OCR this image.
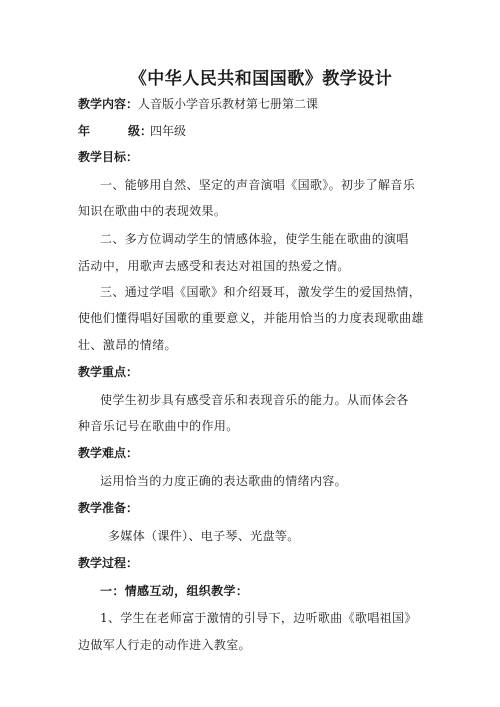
《中华人民共和国国歌》教学设计
教学内容：人音版小学音乐教材第七册第二课
年	级：四年级
教学目标：
一、能够用自然、坚定的声音演唱《国歌》。初步了解音乐
知识在歌曲中的表现效果。
二、多方位调动学生的情感体验，使学生能在歌曲的演唱
活动中，用歌声去感受和表达对祖国的热爱之情。
三、通过学唱《国歌》和介绍聂耳，激发学生的爱国热情，
使他们懂得唱好国歌的重要意义，并能用恰当的力度表现歌曲雄
壮、激昂的情绪。
教学重点：
使学生初步具有感受音乐和表现音乐的能力。从而体会各
种音乐记号在歌曲中的作用。
教学难点：
运用恰当的力度正确的表达歌曲的情绪内容。
教学准备：
多媒体（课件）、电子琴、光盘等。
教学过程：
一：情感互动，组织教学：
1、学生在老师富于激情的引导下，边听歌曲《歌唱祖国》
边做军人行走的动作进入教室。
